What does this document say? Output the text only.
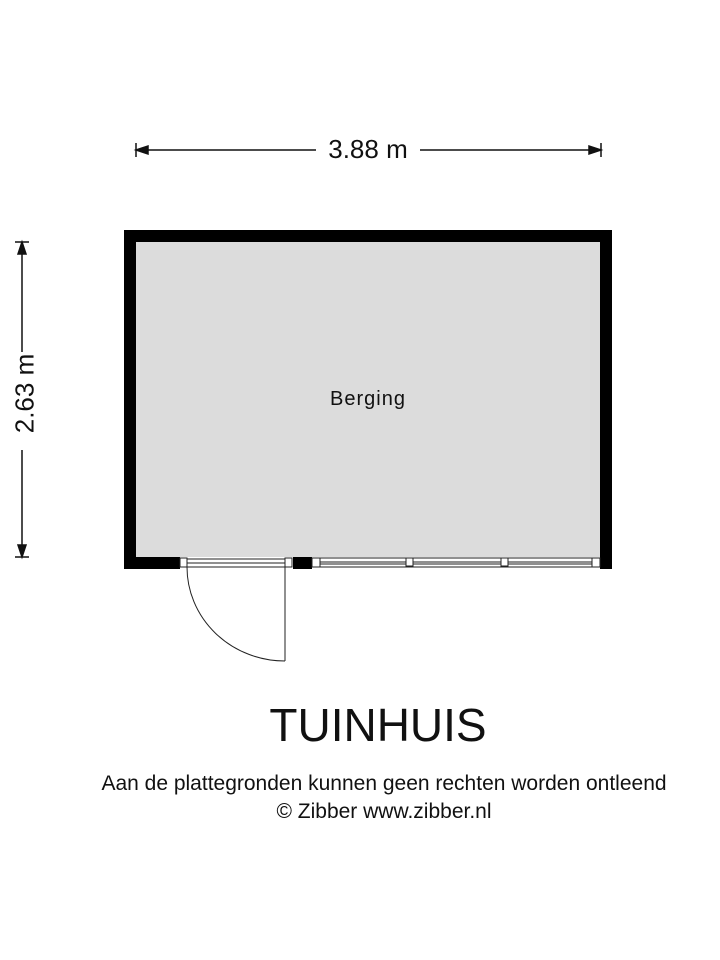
3.88 m
2.63 m	Berging
TUINHUIS
Aan de plattegronden kunnen geen rechten worden ontleend
© Zibber www.zibber.nl
